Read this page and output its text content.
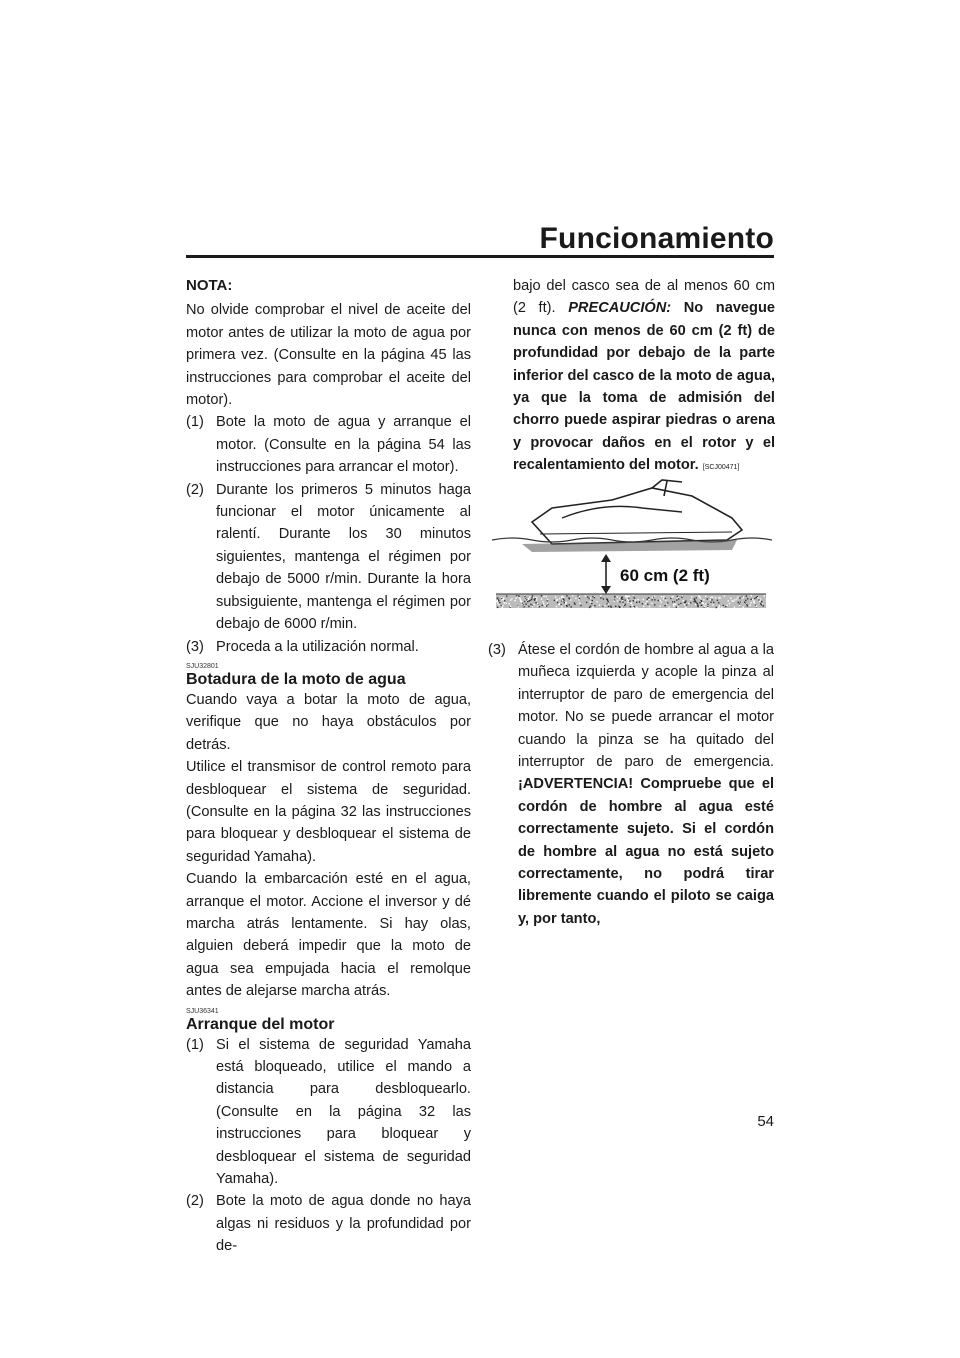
Funcionamiento
NOTA:

No olvide comprobar el nivel de aceite del motor antes de utilizar la moto de agua por primera vez. (Consulte en la página 45 las instrucciones para comprobar el aceite del motor).

(1) Bote la moto de agua y arranque el motor. (Consulte en la página 54 las instrucciones para arrancar el motor).
(2) Durante los primeros 5 minutos haga funcionar el motor únicamente al ralentí. Durante los 30 minutos siguientes, mantenga el régimen por debajo de 5000 r/min. Durante la hora subsiguiente, mantenga el régimen por debajo de 6000 r/min.
(3) Proceda a la utilización normal.
SJU32801
Botadura de la moto de agua

Cuando vaya a botar la moto de agua, verifique que no haya obstáculos por detrás.

Utilice el transmisor de control remoto para desbloquear el sistema de seguridad. (Consulte en la página 32 las instrucciones para bloquear y desbloquear el sistema de seguridad Yamaha).

Cuando la embarcación esté en el agua, arranque el motor. Accione el inversor y dé marcha atrás lentamente. Si hay olas, alguien deberá impedir que la moto de agua sea empujada hacia el remolque antes de alejarse marcha atrás.

SJU36341
Arranque del motor
(1) Si el sistema de seguridad Yamaha está bloqueado, utilice el mando a distancia para desbloquearlo. (Consulte en la página 32 las instrucciones para bloquear y desbloquear el sistema de seguridad Yamaha).
(2) Bote la moto de agua donde no haya algas ni residuos y la profundidad por de-

bajo del casco sea de al menos 60 cm (2 ft). PRECAUCIÓN: No navegue nunca con menos de 60 cm (2 ft) de profundidad por debajo de la parte inferior del casco de la moto de agua, ya que la toma de admisión del chorro puede aspirar piedras o arena y provocar daños en el rotor y el recalentamiento del motor. [SCJ00471]

60 cm (2 ft)
(3) Átese el cordón de hombre al agua a la muñeca izquierda y acople la pinza al interruptor de paro de emergencia del motor. No se puede arrancar el motor cuando la pinza se ha quitado del interruptor de paro de emergencia. ¡ADVERTENCIA! Compruebe que el cordón de hombre al agua esté correctamente sujeto. Si el cordón de hombre al agua no está sujeto correctamente, no podrá tirar libremente cuando el piloto se caiga y, por tanto,
54
